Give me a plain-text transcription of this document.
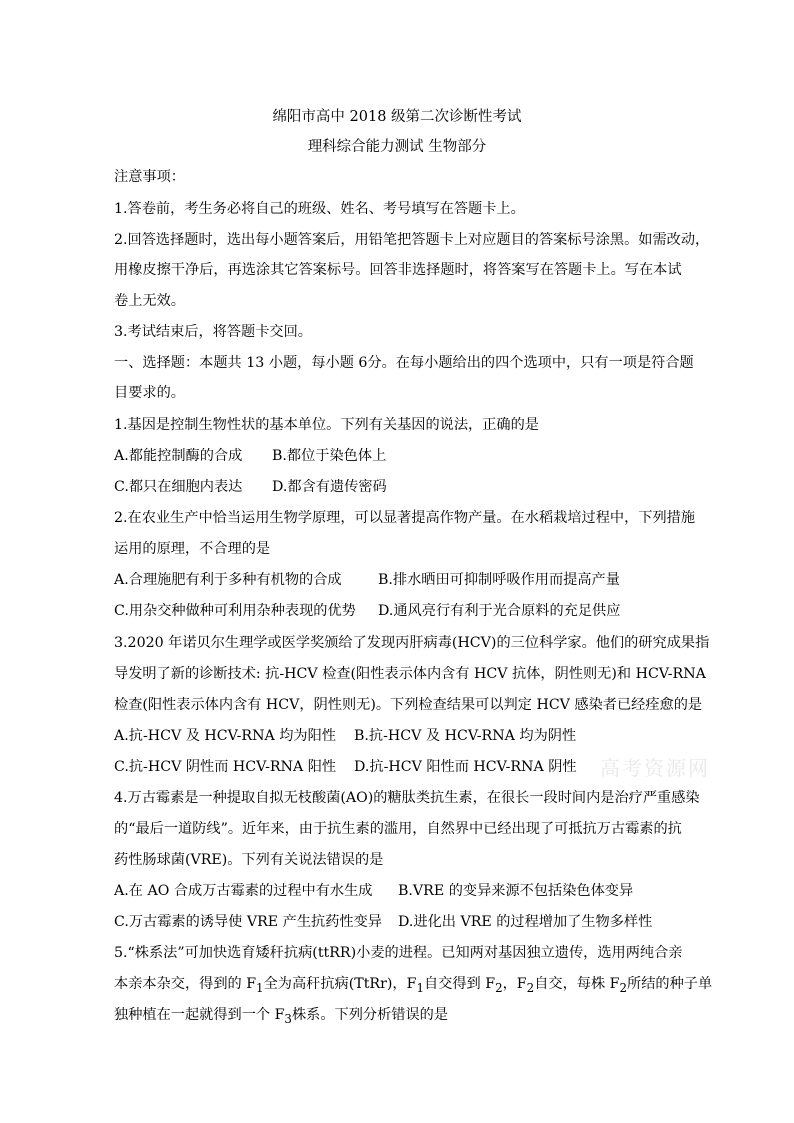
绵阳市高中 2018 级第二次诊断性考试
理科综合能力测试 生物部分
注意事项：
1.答卷前，考生务必将自己的班级、姓名、考号填写在答题卡上。
2.回答选择题时，选出每小题答案后，用铅笔把答题卡上对应题目的答案标号涂黑。如需改动，
用橡皮擦干净后，再选涂其它答案标号。回答非选择题时，将答案写在答题卡上。写在本试
卷上无效。
3.考试结束后，将答题卡交回。
一、选择题：本题共 13 小题，每小题 6分。在每小题给出的四个选项中，只有一项是符合题
目要求的。
1.基因是控制生物性状的基本单位。下列有关基因的说法，正确的是
A.都能控制酶的合成 B.都位于染色体上
C.都只在细胞内表达 D.都含有遗传密码
2.在农业生产中恰当运用生物学原理，可以显著提高作物产量。在水稻栽培过程中，下列措施
运用的原理，不合理的是
A.合理施肥有利于多种有机物的合成	B.排水晒田可抑制呼吸作用而提高产量
C.用杂交种做种可利用杂种表现的优势 D.通风亮行有利于光合原料的充足供应
3.2020 年诺贝尔生理学或医学奖颁给了发现丙肝病毒(HCV)的三位科学家。他们的研究成果指
导发明了新的诊断技术: 抗-HCV 检查(阳性表示体内含有 HCV 抗体，阴性则无)和 HCV-RNA
检查(阳性表示体内含有 HCV，阴性则无)。下列检查结果可以判定 HCV 感染者已经痊愈的是
A.抗-HCV 及 HCV-RNA 均为阳性 B.抗-HCV 及 HCV-RNA 均为阴性
C.抗-HCV 阴性而 HCV-RNA 阳性 D.抗-HCV 阳性而 HCV-RNA 阴性 高考资源网
4.万古霉素是一种提取自拟无枝酸菌(AO)的糖肽类抗生素，在很长一段时间内是治疗严重感染
的“最后一道防线”。近年来，由于抗生素的滥用，自然界中已经出现了可抵抗万古霉素的抗
药性肠球菌(VRE)。下列有关说法错误的是
A.在 AO 合成万古霉素的过程中有水生成 B.VRE 的变异来源不包括染色体变异
C.万古霉素的诱导使 VRE 产生抗药性变异 D.进化出 VRE 的过程增加了生物多样性
5.“株系法”可加快选育矮秆抗病(ttRR)小麦的进程。已知两对基因独立遗传，选用两纯合亲
本亲本杂交，得到的 $F_1$全为高秆抗病(TtRr)，$F_1$自交得到 $F_2$，$F_2$自交，每株 $F_2$所结的种子单
独种植在一起就得到一个 $F_3$株系。下列分析错误的是
